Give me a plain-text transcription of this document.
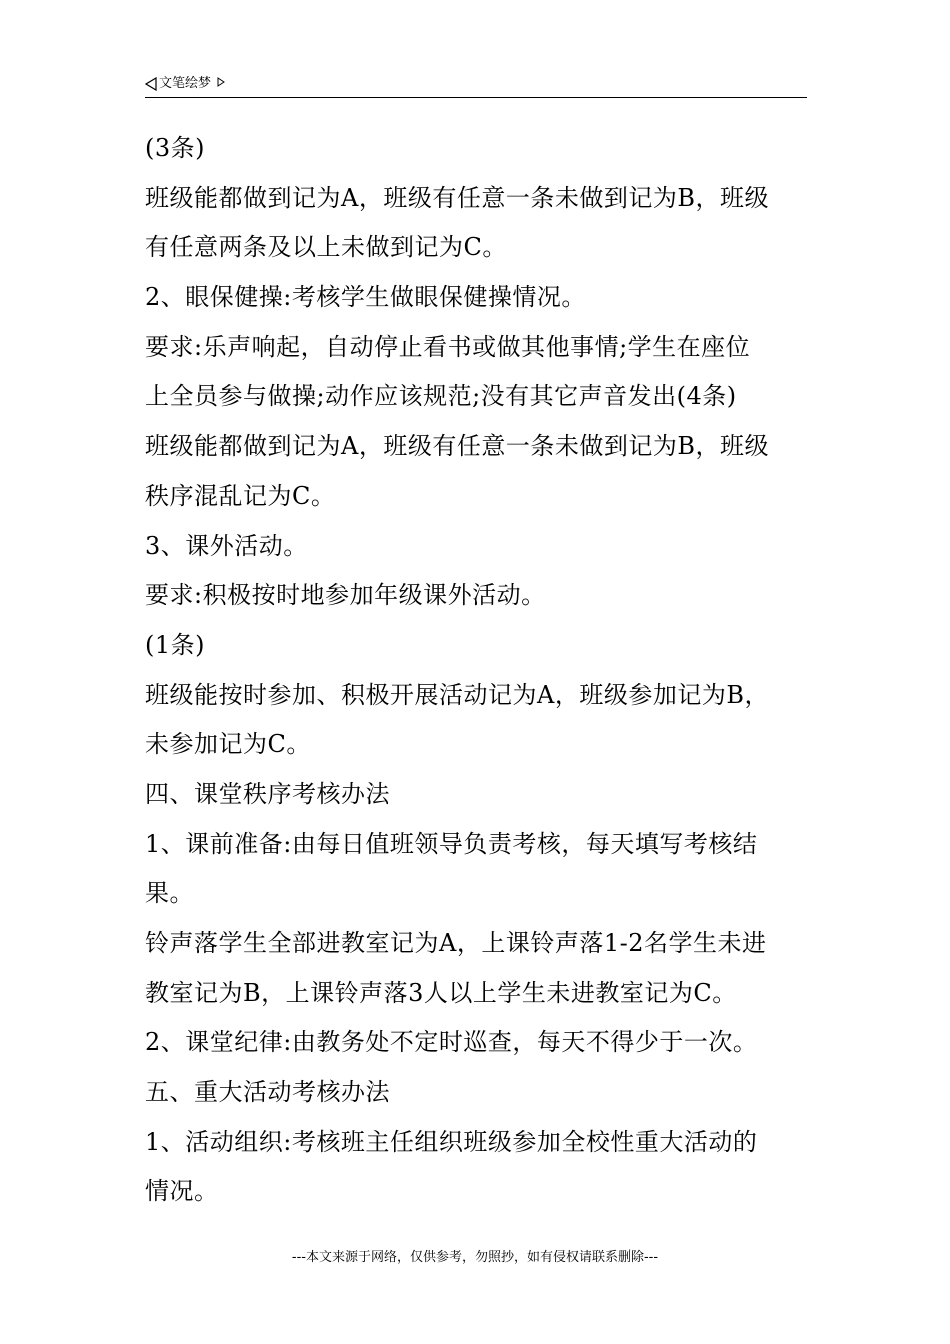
文笔绘梦
(3条)
班级能都做到记为A，班级有任意一条未做到记为B，班级
有任意两条及以上未做到记为C。
2、眼保健操:考核学生做眼保健操情况。
要求:乐声响起，自动停止看书或做其他事情;学生在座位
上全员参与做操;动作应该规范;没有其它声音发出(4条)
班级能都做到记为A，班级有任意一条未做到记为B，班级
秩序混乱记为C。
3、课外活动。
要求:积极按时地参加年级课外活动。
(1条)
班级能按时参加、积极开展活动记为A，班级参加记为B，
未参加记为C。
四、课堂秩序考核办法
1、课前准备:由每日值班领导负责考核，每天填写考核结
果。
铃声落学生全部进教室记为A，上课铃声落1-2名学生未进
教室记为B，上课铃声落3人以上学生未进教室记为C。
2、课堂纪律:由教务处不定时巡查，每天不得少于一次。
五、重大活动考核办法
1、活动组织:考核班主任组织班级参加全校性重大活动的
情况。
---本文来源于网络，仅供参考，勿照抄，如有侵权请联系删除---
